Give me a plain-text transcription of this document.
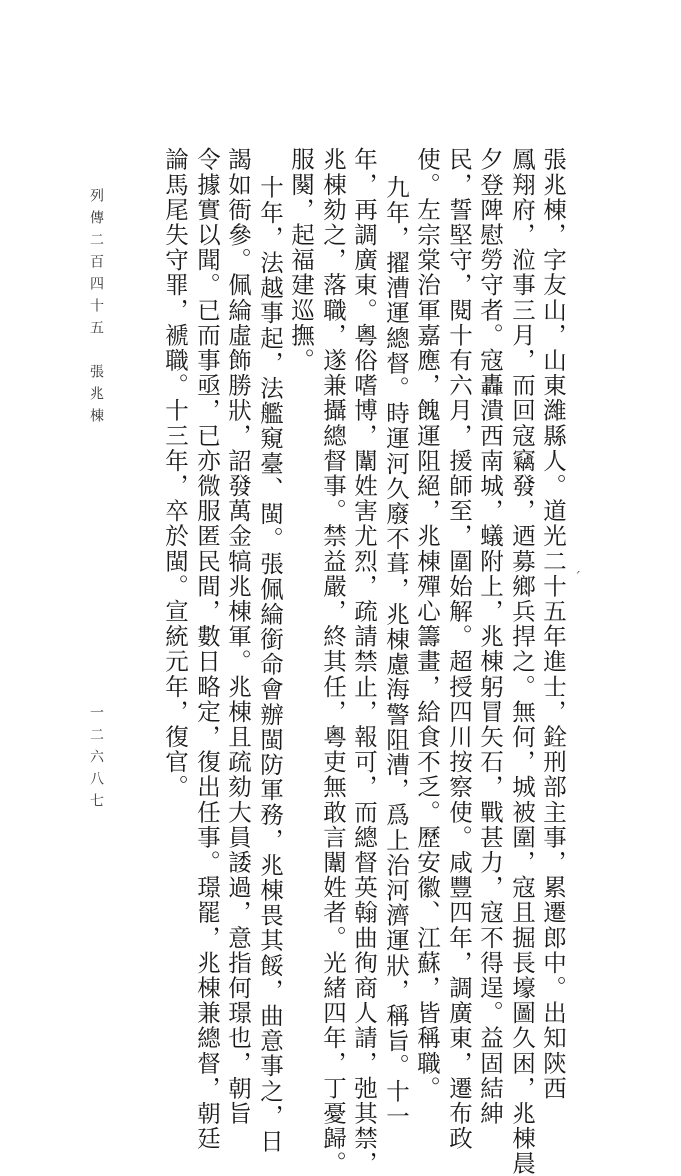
張兆棟，字友山，山東濰縣人。道光二十五年進士，銓刑部主事，累遷郎中。出知陝西
鳳翔府，涖事三月，而回寇竊發，迺募鄉兵捍之。無何，城被圍，寇且掘長壕圖久困，兆棟晨
夕登陴慰勞守者。寇轟潰西南城，蟻附上，兆棟躬冒矢石，戰甚力，寇不得逞。益固結紳
民，誓堅守，閱十有六月，援師至，圍始解。超授四川按察使。咸豐四年，調廣東，遷布政
使。左宗棠治軍嘉應，餽運阻絕，兆棟殫心籌畫，給食不乏。歷安徽、江蘇，皆稱職。
九年，擢漕運總督。時運河久廢不葺，兆棟慮海警阻漕，爲上治河濟運狀，稱旨。十一
年，再調廣東。粵俗嗜博，闈姓害尤烈，疏請禁止，報可，而總督英翰曲徇商人請，弛其禁，
兆棟劾之，落職，遂兼攝總督事。禁益嚴，終其任，粵吏無敢言闈姓者。光緒四年，丁憂歸。
服闋，起福建巡撫。
十年，法越事起，法艦窺臺、閩。張佩綸銜命會辦閩防軍務，兆棟畏其餒，曲意事之，日
謁如衙參。佩綸虛飾勝狀，詔發萬金犒兆棟軍。兆棟且疏劾大員諉過，意指何璟也，朝旨
令據實以聞。已而事亟，已亦微服匿民間，數日略定，復出任事。璟罷，兆棟兼總督，朝廷
論馬尾失守罪，褫職。十三年，卒於閩。宣統元年，復官。
列傳二百四十五　張兆棟
一二六八七
ˊ
